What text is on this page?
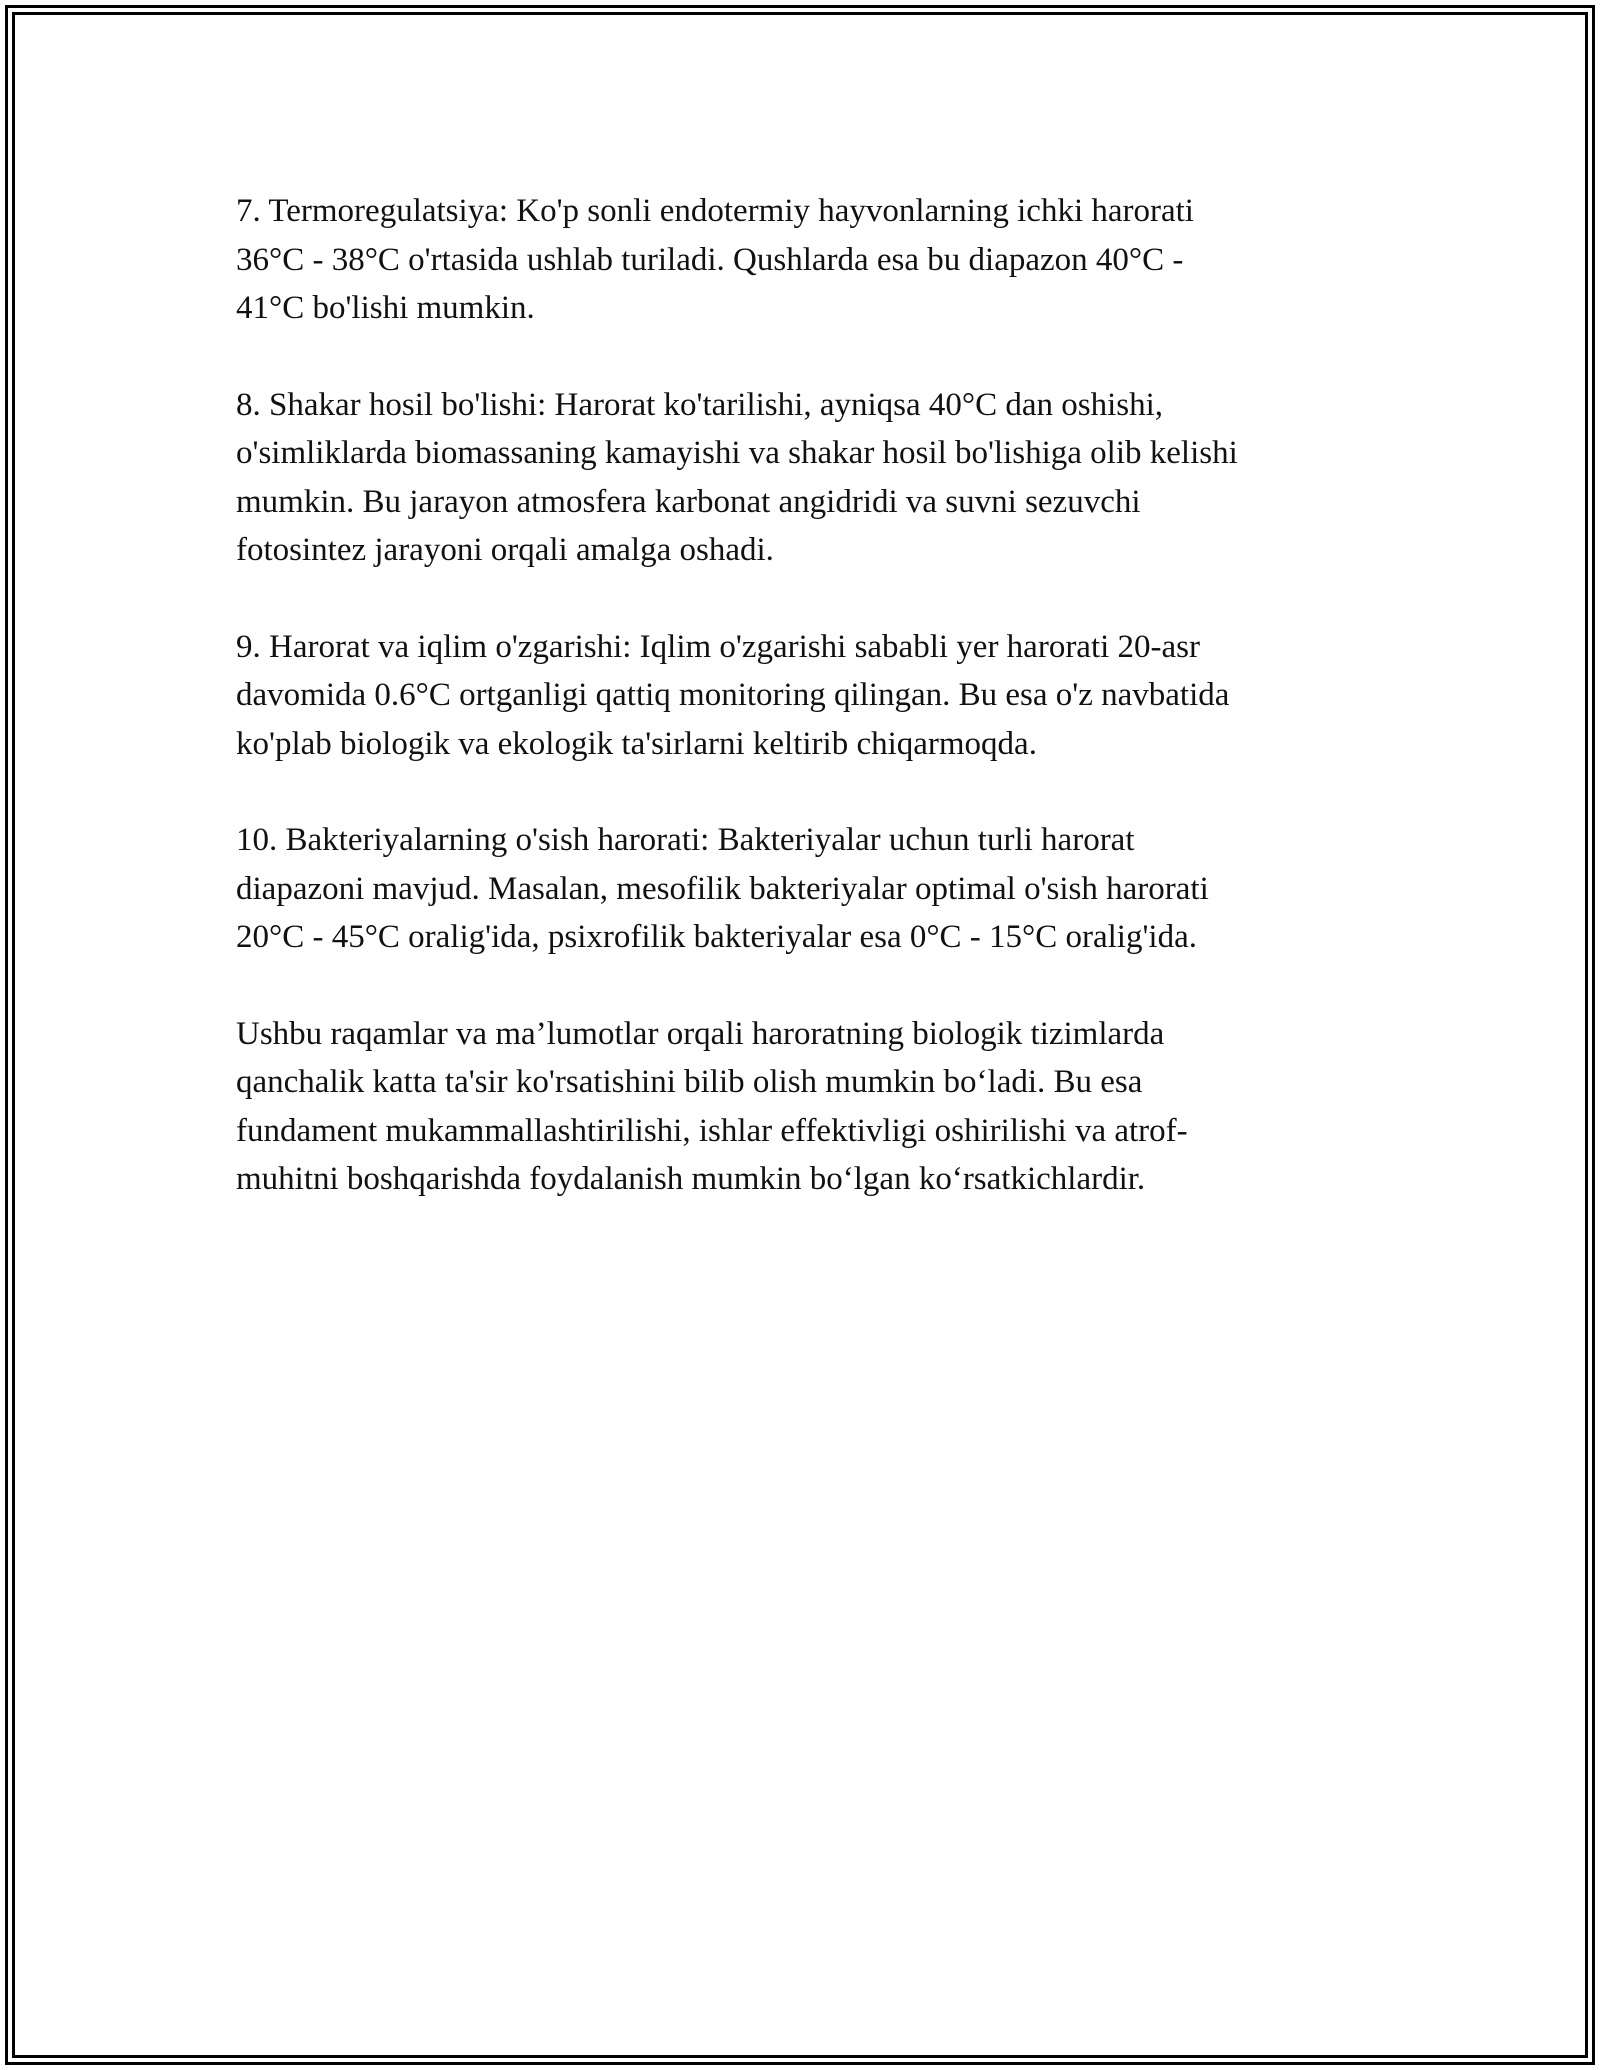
7. Termoregulatsiya: Ko'p sonli endotermiy hayvonlarning ichki harorati
36°C - 38°C o'rtasida ushlab turiladi. Qushlarda esa bu diapazon 40°C -
41°C bo'lishi mumkin.

8. Shakar hosil bo'lishi: Harorat ko'tarilishi, ayniqsa 40°C dan oshishi,
o'simliklarda biomassaning kamayishi va shakar hosil bo'lishiga olib kelishi
mumkin. Bu jarayon atmosfera karbonat angidridi va suvni sezuvchi
fotosintez jarayoni orqali amalga oshadi.

9. Harorat va iqlim o'zgarishi: Iqlim o'zgarishi sababli yer harorati 20-asr
davomida 0.6°C ortganligi qattiq monitoring qilingan. Bu esa o'z navbatida
ko'plab biologik va ekologik ta'sirlarni keltirib chiqarmoqda.

10. Bakteriyalarning o'sish harorati: Bakteriyalar uchun turli harorat
diapazoni mavjud. Masalan, mesofilik bakteriyalar optimal o'sish harorati
20°C - 45°C oralig'ida, psixrofilik bakteriyalar esa 0°C - 15°C oralig'ida.

Ushbu raqamlar va ma’lumotlar orqali haroratning biologik tizimlarda
qanchalik katta ta'sir ko'rsatishini bilib olish mumkin bo‘ladi. Bu esa
fundament mukammallashtirilishi, ishlar effektivligi oshirilishi va atrof-
muhitni boshqarishda foydalanish mumkin bo‘lgan ko‘rsatkichlardir.
